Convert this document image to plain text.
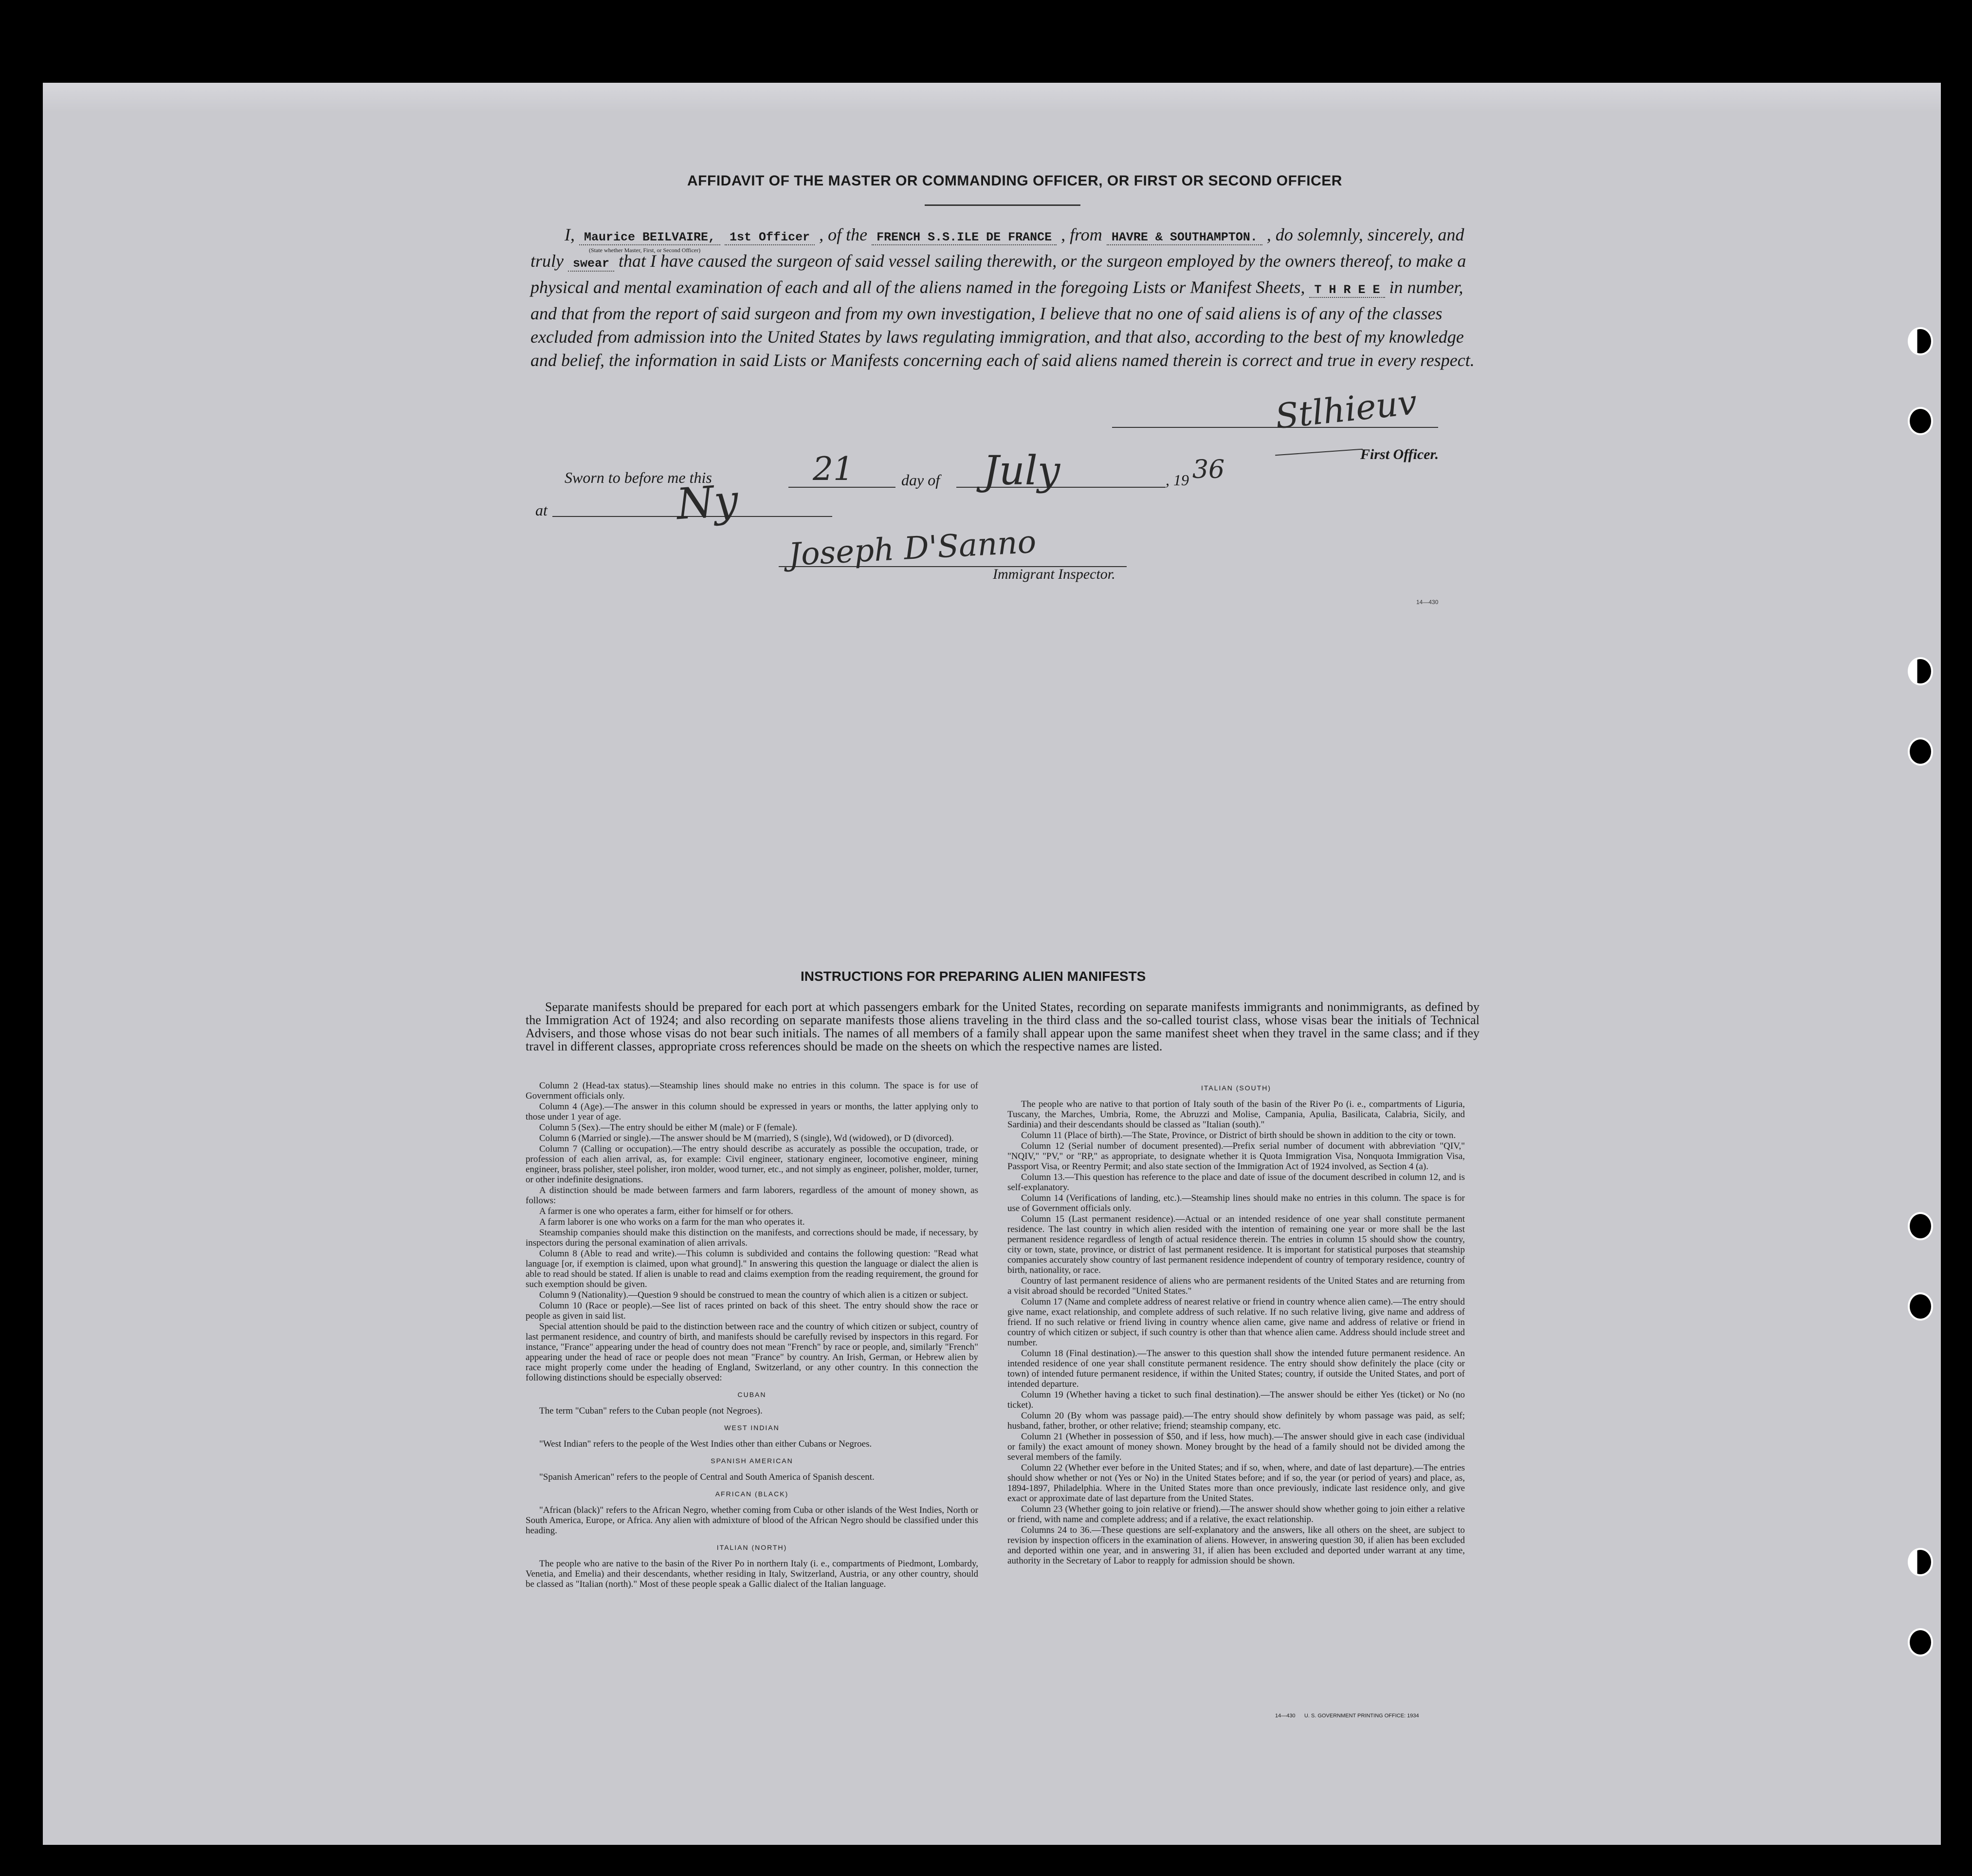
AFFIDAVIT OF THE MASTER OR COMMANDING OFFICER, OR FIRST OR SECOND OFFICER
I, Maurice BEILVAIRE, 1st Officer
(State whether Master, First, or Second Officer)
, of the FRENCH S.S.ILE DE FRANCE , from HAVRE & SOUTHAMPTON. , do solemnly, sincerely, and truly swear that I have caused the surgeon of said vessel sailing therewith, or the surgeon employed by the owners thereof, to make a physical and mental examination of each and all of the aliens named in the foregoing Lists or Manifest Sheets, T H R E E in number, and that from the report of said surgeon and from my own investigation, I believe that no one of said aliens is of any of the classes excluded from admission into the United States by laws regulating immigration, and that also, according to the best of my knowledge and belief, the information in said Lists or Manifests concerning each of said aliens named therein is correct and true in every respect.
Stlhieuv
First Officer.
Sworn to before me this	21	day of July	, 19 36
at	Ny
Joseph D'Sanno
Immigrant Inspector.
14—430
INSTRUCTIONS FOR PREPARING ALIEN MANIFESTS
Separate manifests should be prepared for each port at which passengers embark for the United States, recording on separate manifests immigrants and nonimmigrants, as defined by the Immigration Act of 1924; and also recording on separate manifests those aliens traveling in the third class and the so-called tourist class, whose visas bear the initials of Technical Advisers, and those whose visas do not bear such initials. The names of all members of a family shall appear upon the same manifest sheet when they travel in the same class; and if they travel in different classes, appropriate cross references should be made on the sheets on which the respective names are listed.

Column 2 (Head-tax status).—Steamship lines should make no entries in this column. The space is for use of Government officials only.

Column 4 (Age).—The answer in this column should be expressed in years or months, the latter applying only to those under 1 year of age.

Column 5 (Sex).—The entry should be either M (male) or F (female).

Column 6 (Married or single).—The answer should be M (married), S (single), Wd (widowed), or D (divorced).

Column 7 (Calling or occupation).—The entry should describe as accurately as possible the occupation, trade, or profession of each alien arrival, as, for example: Civil engineer, stationary engineer, locomotive engineer, mining engineer, brass polisher, steel polisher, iron molder, wood turner, etc., and not simply as engineer, polisher, molder, turner, or other indefinite designations.

A distinction should be made between farmers and farm laborers, regardless of the amount of money shown, as follows:

A farmer is one who operates a farm, either for himself or for others.

A farm laborer is one who works on a farm for the man who operates it.

Steamship companies should make this distinction on the manifests, and corrections should be made, if necessary, by inspectors during the personal examination of alien arrivals.

Column 8 (Able to read and write).—This column is subdivided and contains the following question: "Read what language [or, if exemption is claimed, upon what ground]." In answering this question the language or dialect the alien is able to read should be stated. If alien is unable to read and claims exemption from the reading requirement, the ground for such exemption should be given.

Column 9 (Nationality).—Question 9 should be construed to mean the country of which alien is a citizen or subject.

Column 10 (Race or people).—See list of races printed on back of this sheet. The entry should show the race or people as given in said list.

Special attention should be paid to the distinction between race and the country of which citizen or subject, country of last permanent residence, and country of birth, and manifests should be carefully revised by inspectors in this regard. For instance, "France" appearing under the head of country does not mean "French" by race or people, and, similarly "French" appearing under the head of race or people does not mean "France" by country. An Irish, German, or Hebrew alien by race might properly come under the heading of England, Switzerland, or any other country. In this connection the following distinctions should be especially observed:

CUBAN

The term "Cuban" refers to the Cuban people (not Negroes).

WEST INDIAN

"West Indian" refers to the people of the West Indies other than either Cubans or Negroes.

SPANISH AMERICAN

"Spanish American" refers to the people of Central and South America of Spanish descent.

AFRICAN (BLACK)

"African (black)" refers to the African Negro, whether coming from Cuba or other islands of the West Indies, North or South America, Europe, or Africa. Any alien with admixture of blood of the African Negro should be classified under this heading.

ITALIAN (NORTH)

The people who are native to the basin of the River Po in northern Italy (i. e., compartments of Piedmont, Lombardy, Venetia, and Emelia) and their descendants, whether residing in Italy, Switzerland, Austria, or any other country, should be classed as "Italian (north)." Most of these people speak a Gallic dialect of the Italian language.

ITALIAN (SOUTH)

The people who are native to that portion of Italy south of the basin of the River Po (i. e., compartments of Liguria, Tuscany, the Marches, Umbria, Rome, the Abruzzi and Molise, Campania, Apulia, Basilicata, Calabria, Sicily, and Sardinia) and their descendants should be classed as "Italian (south)."

Column 11 (Place of birth).—The State, Province, or District of birth should be shown in addition to the city or town.

Column 12 (Serial number of document presented).—Prefix serial number of document with abbreviation "QIV," "NQIV," "PV," or "RP," as appropriate, to designate whether it is Quota Immigration Visa, Nonquota Immigration Visa, Passport Visa, or Reentry Permit; and also state section of the Immigration Act of 1924 involved, as Section 4 (a).

Column 13.—This question has reference to the place and date of issue of the document described in column 12, and is self-explanatory.

Column 14 (Verifications of landing, etc.).—Steamship lines should make no entries in this column. The space is for use of Government officials only.

Column 15 (Last permanent residence).—Actual or an intended residence of one year shall constitute permanent residence. The last country in which alien resided with the intention of remaining one year or more shall be the last permanent residence regardless of length of actual residence therein. The entries in column 15 should show the country, city or town, state, province, or district of last permanent residence. It is important for statistical purposes that steamship companies accurately show country of last permanent residence independent of country of temporary residence, country of birth, nationality, or race.

Country of last permanent residence of aliens who are permanent residents of the United States and are returning from a visit abroad should be recorded "United States."

Column 17 (Name and complete address of nearest relative or friend in country whence alien came).—The entry should give name, exact relationship, and complete address of such relative. If no such relative living, give name and address of friend. If no such relative or friend living in country whence alien came, give name and address of relative or friend in country of which citizen or subject, if such country is other than that whence alien came. Address should include street and number.

Column 18 (Final destination).—The answer to this question shall show the intended future permanent residence. An intended residence of one year shall constitute permanent residence. The entry should show definitely the place (city or town) of intended future permanent residence, if within the United States; country, if outside the United States, and port of intended departure.

Column 19 (Whether having a ticket to such final destination).—The answer should be either Yes (ticket) or No (no ticket).

Column 20 (By whom was passage paid).—The entry should show definitely by whom passage was paid, as self; husband, father, brother, or other relative; friend; steamship company, etc.

Column 21 (Whether in possession of $50, and if less, how much).—The answer should give in each case (individual or family) the exact amount of money shown. Money brought by the head of a family should not be divided among the several members of the family.

Column 22 (Whether ever before in the United States; and if so, when, where, and date of last departure).—The entries should show whether or not (Yes or No) in the United States before; and if so, the year (or period of years) and place, as, 1894-1897, Philadelphia. Where in the United States more than once previously, indicate last residence only, and give exact or approximate date of last departure from the United States.

Column 23 (Whether going to join relative or friend).—The answer should show whether going to join either a relative or friend, with name and complete address; and if a relative, the exact relationship.

Columns 24 to 36.—These questions are self-explanatory and the answers, like all others on the sheet, are subject to revision by inspection officers in the examination of aliens. However, in answering question 30, if alien has been excluded and deported within one year, and in answering 31, if alien has been excluded and deported under warrant at any time, authority in the Secretary of Labor to reapply for admission should be shown.

14—430 U. S. GOVERNMENT PRINTING OFFICE: 1934
